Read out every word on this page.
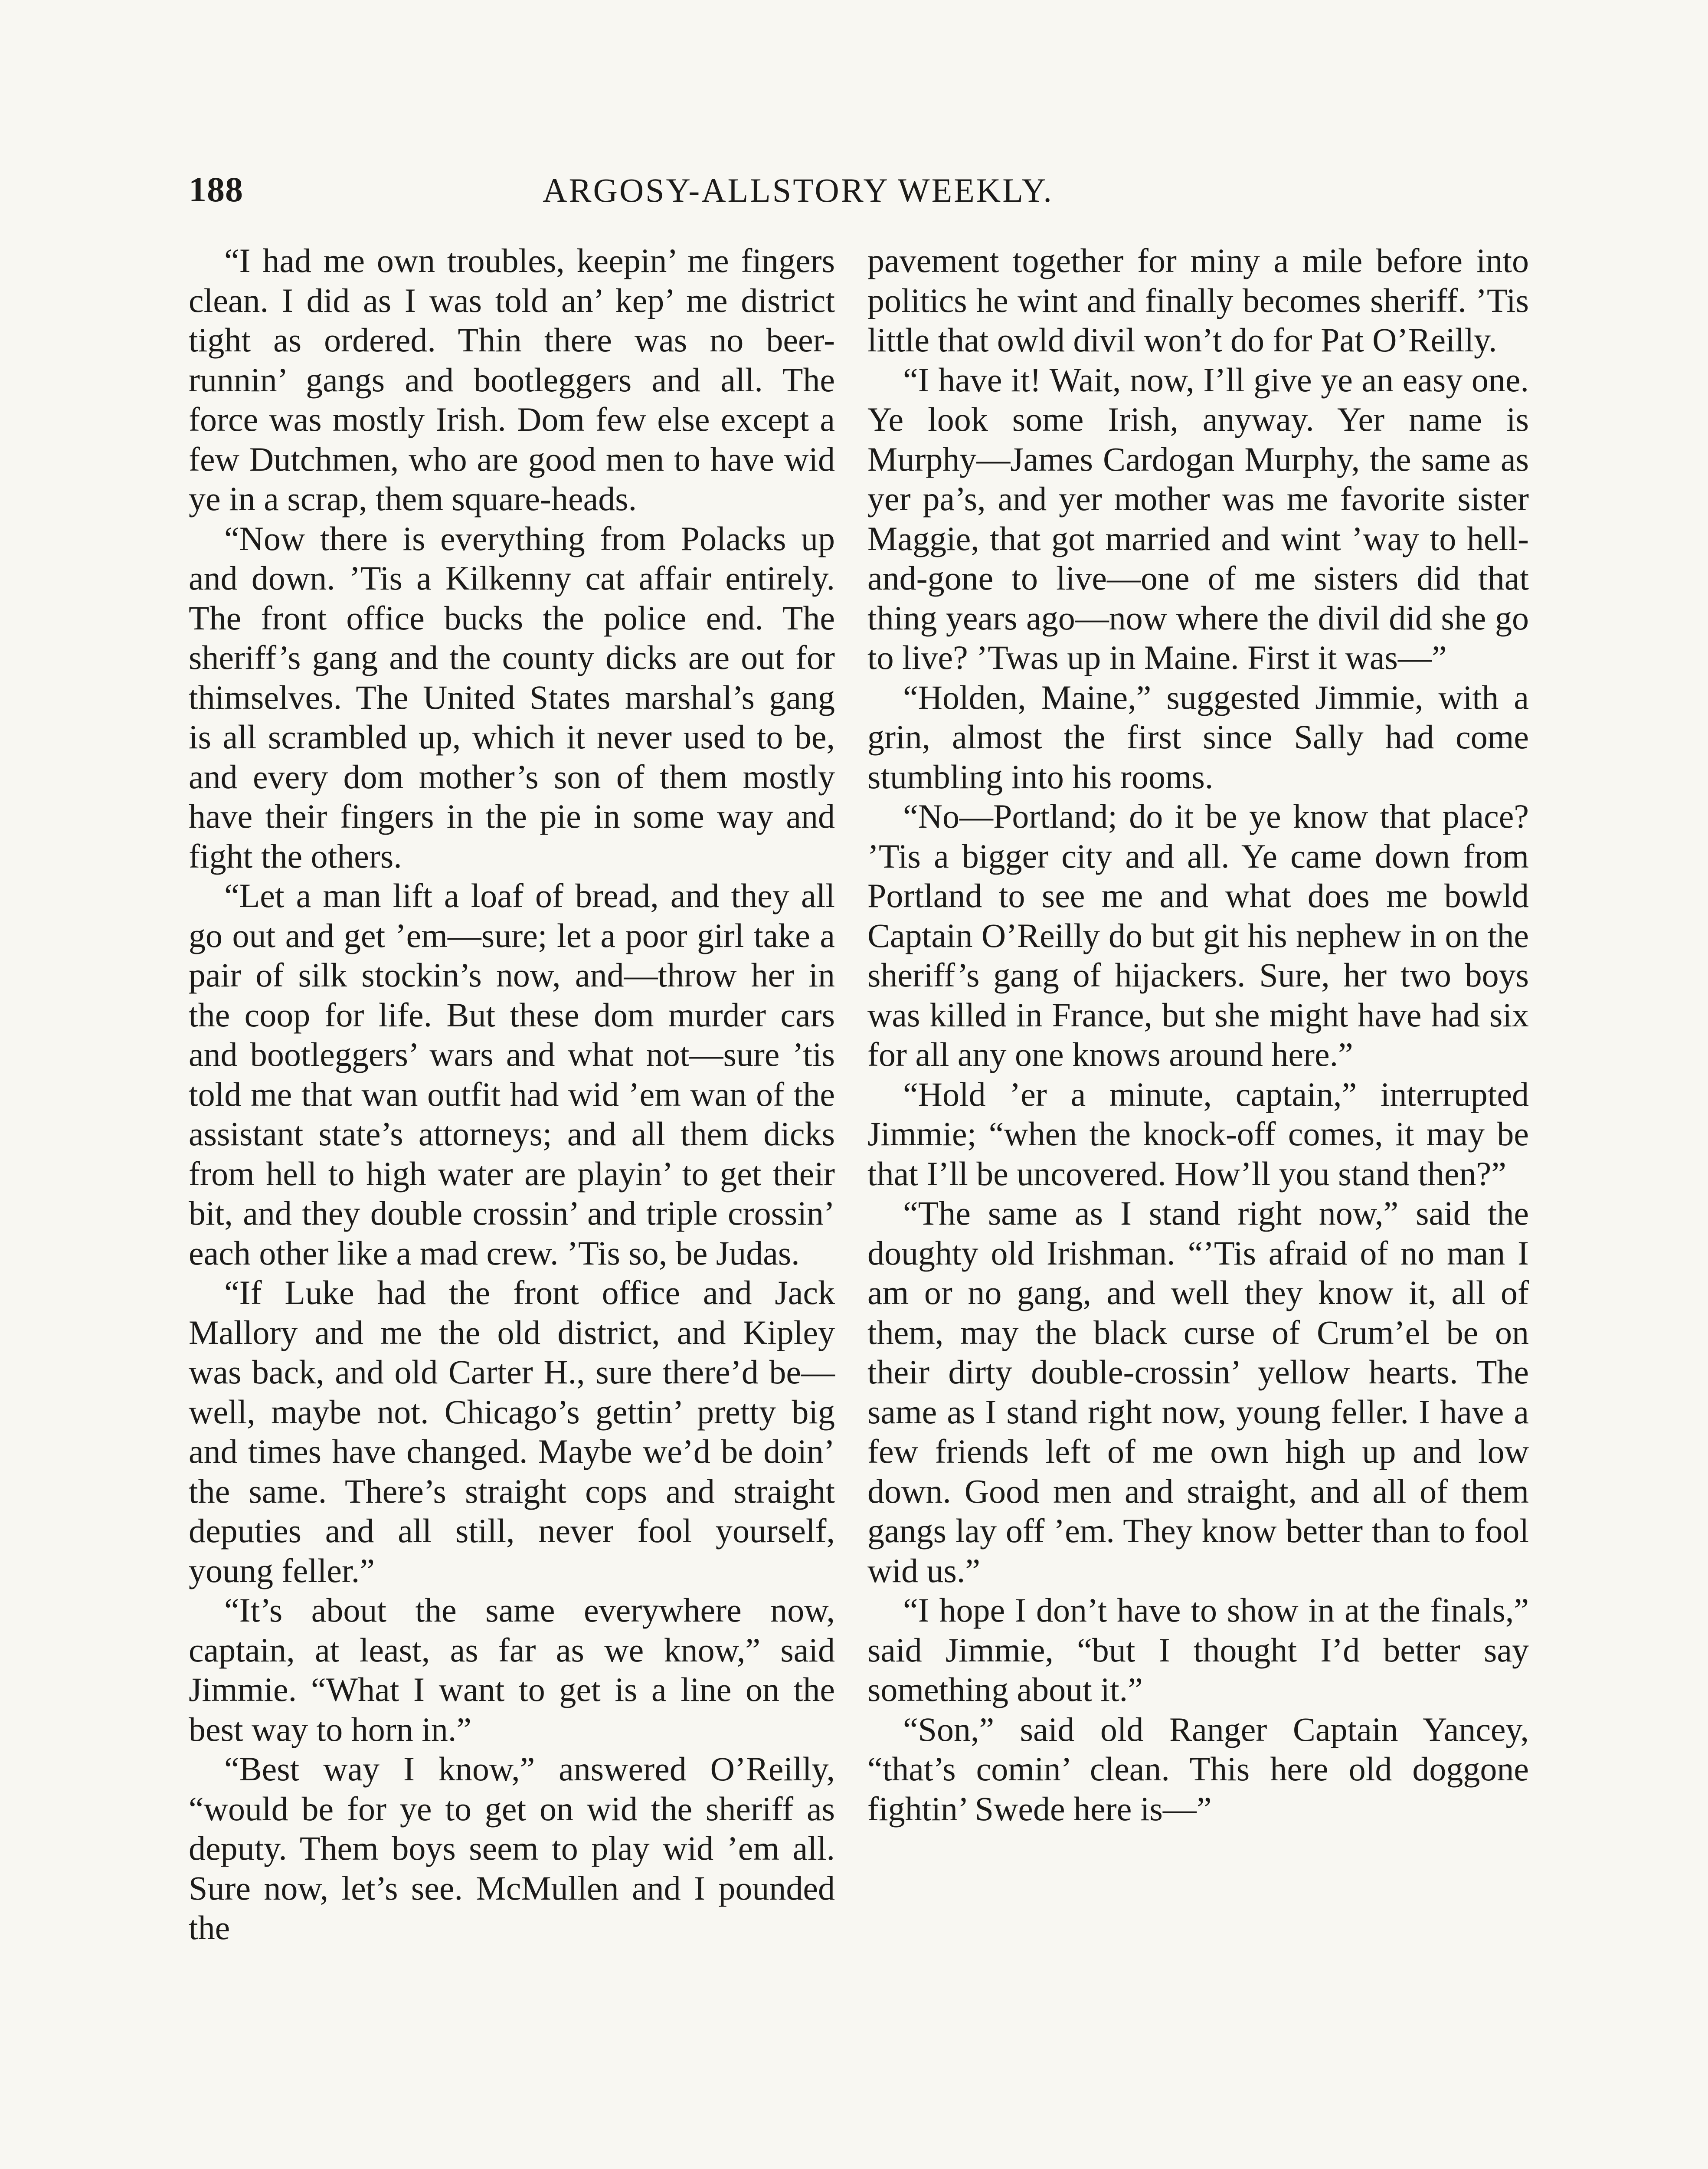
188	ARGOSY-ALLSTORY WEEKLY.

“I had me own troubles, keepin’ me fingers clean. I did as I was told an’ kep’ me district tight as ordered. Thin there was no beer-runnin’ gangs and bootleggers and all. The force was mostly Irish. Dom few else except a few Dutchmen, who are good men to have wid ye in a scrap, them square-heads.

“Now there is everything from Polacks up and down. ’Tis a Kilkenny cat affair entirely. The front office bucks the police end. The sheriff’s gang and the county dicks are out for thimselves. The United States marshal’s gang is all scrambled up, which it never used to be, and every dom mother’s son of them mostly have their fingers in the pie in some way and fight the others.

“Let a man lift a loaf of bread, and they all go out and get ’em—sure; let a poor girl take a pair of silk stockin’s now, and—throw her in the coop for life. But these dom murder cars and bootleggers’ wars and what not—sure ’tis told me that wan outfit had wid ’em wan of the assistant state’s attorneys; and all them dicks from hell to high water are playin’ to get their bit, and they double crossin’ and triple crossin’ each other like a mad crew. ’Tis so, be Judas.

“If Luke had the front office and Jack Mallory and me the old district, and Kipley was back, and old Carter H., sure there’d be—well, maybe not. Chicago’s gettin’ pretty big and times have changed. Maybe we’d be doin’ the same. There’s straight cops and straight deputies and all still, never fool yourself, young feller.”

“It’s about the same everywhere now, captain, at least, as far as we know,” said Jimmie. “What I want to get is a line on the best way to horn in.”

“Best way I know,” answered O’Reilly, “would be for ye to get on wid the sheriff as deputy. Them boys seem to play wid ’em all. Sure now, let’s see. McMullen and I pounded the

pavement together for miny a mile before into politics he wint and finally becomes sheriff. ’Tis little that owld divil won’t do for Pat O’Reilly.

“I have it! Wait, now, I’ll give ye an easy one. Ye look some Irish, anyway. Yer name is Murphy—James Cardogan Murphy, the same as yer pa’s, and yer mother was me favorite sister Maggie, that got married and wint ’way to hell-and-gone to live—one of me sisters did that thing years ago—now where the divil did she go to live? ’Twas up in Maine. First it was—”

“Holden, Maine,” suggested Jimmie, with a grin, almost the first since Sally had come stumbling into his rooms.

“No—Portland; do it be ye know that place? ’Tis a bigger city and all. Ye came down from Portland to see me and what does me bowld Captain O’Reilly do but git his nephew in on the sheriff’s gang of hijackers. Sure, her two boys was killed in France, but she might have had six for all any one knows around here.”

“Hold ’er a minute, captain,” interrupted Jimmie; “when the knock-off comes, it may be that I’ll be uncovered. How’ll you stand then?”

“The same as I stand right now,” said the doughty old Irishman. “’Tis afraid of no man I am or no gang, and well they know it, all of them, may the black curse of Crum’el be on their dirty double-crossin’ yellow hearts. The same as I stand right now, young feller. I have a few friends left of me own high up and low down. Good men and straight, and all of them gangs lay off ’em. They know better than to fool wid us.”

“I hope I don’t have to show in at the finals,” said Jimmie, “but I thought I’d better say something about it.”

“Son,” said old Ranger Captain Yancey, “that’s comin’ clean. This here old doggone fightin’ Swede here is—”
